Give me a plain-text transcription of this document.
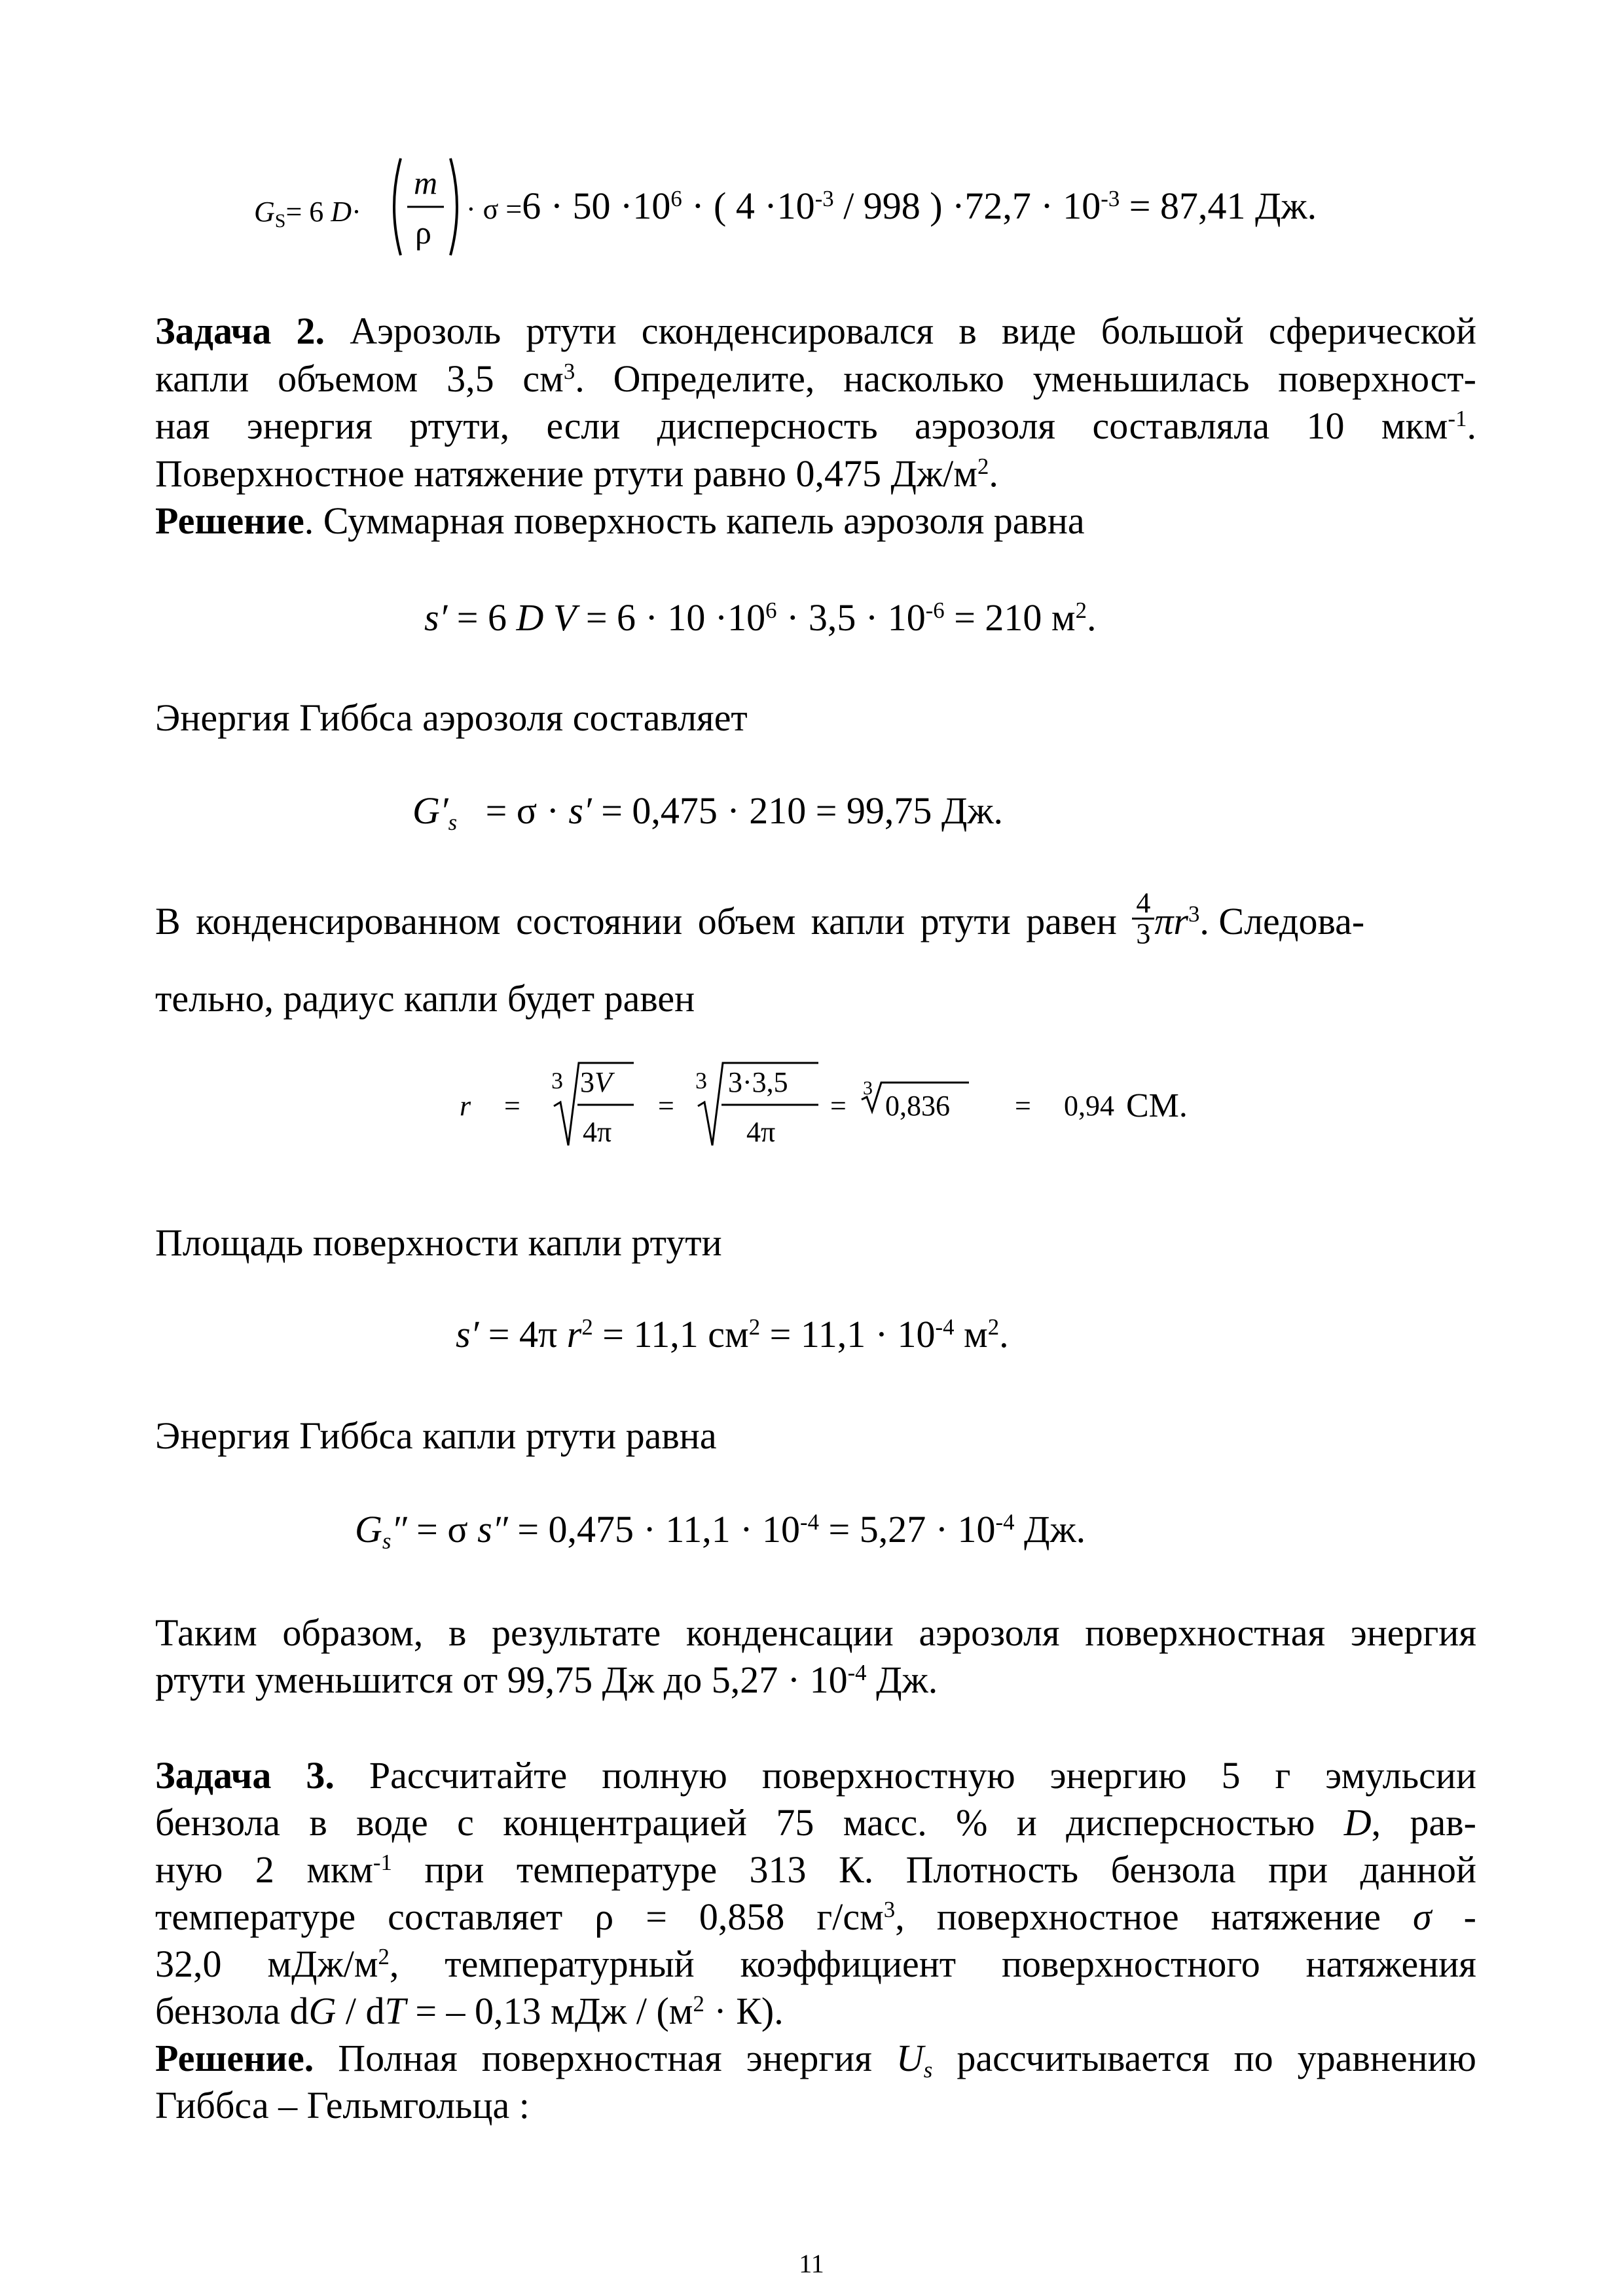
$G_S= 6$ D·
m
ρ
· $\sigma =6 \cdot 50 \cdot 10^6$ · ( $4 \cdot 10^{-3} / 998$ ) $\cdot 72,7 \cdot 10^{-3} = 87,41$ Дж.
Задача 2. Аэрозоль ртути сконденсировался в виде большой сферической
капли объемом 3,5 $см^3$. Определите, насколько уменьшилась поверхност-
ная энергия ртути, если дисперсность аэрозоля составляла 10 мкм$^{-1}$.
Поверхностное натяжение ртути равно 0,475 $Дж/м^2$.
Решение. Суммарная поверхность капель аэрозоля равна
s′ = 6 D $V = 6 \cdot 10 \cdot 10^6 \cdot 3,5 \cdot 10^{-6} = 210$ $м^2$.
Энергия Гиббса аэрозоля составляет
$G'_s = \sigma \cdot s' = 0,475 \cdot 210 = 99,75$ Дж.
В конденсированном состоянии объем капли ртути равен $\frac{4}{3} \pi r^3$. Следова-
тельно, радиус капли будет равен
r =
3 3V
4π
=
3 3·3,5
4π
=
3
0,836 = 0,94 СМ.
Площадь поверхности капли ртути
s′ = 4π $r^2 = 11,1$ $см^2 = 11,1 \cdot 10^{-4}$ $м^2$.
Энергия Гиббса капли ртути равна
$G_s'' = \sigma$ $s'' = 0,475 \cdot 11,1 \cdot 10^{-4} = 5,27 \cdot 10^{-4}$ Дж.
Таким образом, в результате конденсации аэрозоля поверхностная энергия
ртути уменьшится от 99,75 Дж до $5,27 \cdot 10^{-4}$ Дж.
Задача 3. Рассчитайте полную поверхностную энергию 5 г эмульсии
бензола в воде с концентрацией 75 масс. % и дисперсностью D, рав-
ную 2 мкм$^{-1}$ при температуре 313 К. Плотность бензола при данной
температуре составляет ρ = 0,858 $г/см^3$, поверхностное натяжение σ -
32,0 мДж/$м^2$, температурный коэффициент поверхностного натяжения
бензола dG / dT = – 0,13 мДж / $(м^2 \cdot К)$.
Решение. Полная поверхностная энергия $U_s$ рассчитывается по уравнению
Гиббса – Гельмгольца :
11
